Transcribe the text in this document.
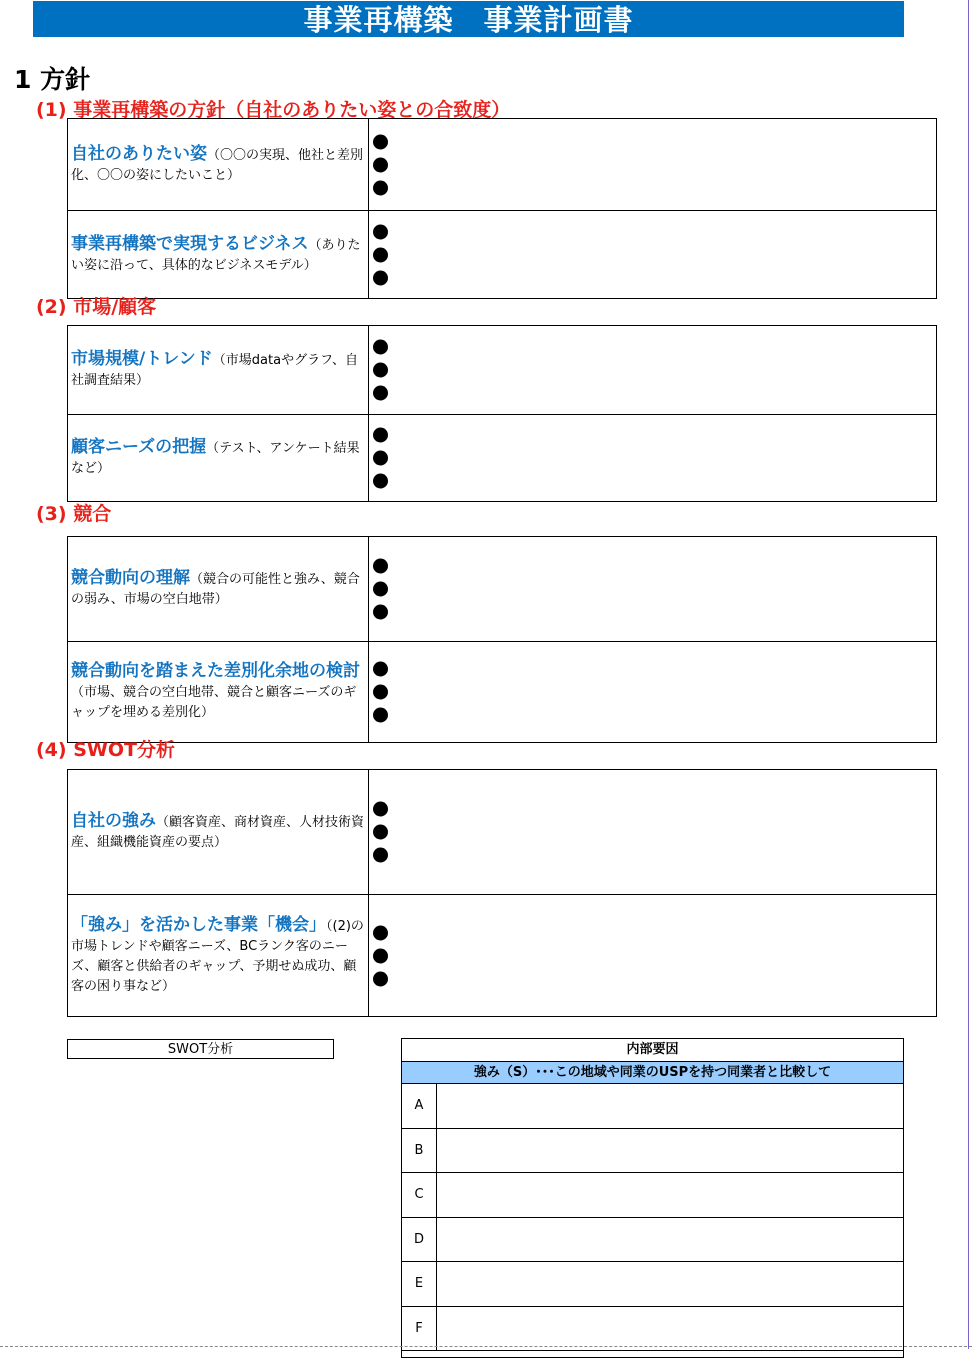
事業再構築　事業計画書
1 方針
(1) 事業再構築の方針（自社のありたい姿との合致度）
自社のありたい姿（〇〇の実現、他社と差別化、〇〇の姿にしたいこと）
事業再構築で実現するビジネス（ありたい姿に沿って、具体的なビジネスモデル）
(2) 市場/顧客
市場規模/トレンド（市場dataやグラフ、自社調査結果）
顧客ニーズの把握（テスト、アンケート結果など）
(3) 競合
競合動向の理解（競合の可能性と強み、競合の弱み、市場の空白地帯）
競合動向を踏まえた差別化余地の検討（市場、競合の空白地帯、競合と顧客ニーズのギャップを埋める差別化）
(4) SWOT分析
自社の強み（顧客資産、商材資産、人材技術資産、組織機能資産の要点）
「強み」を活かした事業「機会」（(2)の市場トレンドや顧客ニーズ、BCランク客のニーズ、顧客と供給者のギャップ、予期せぬ成功、顧客の困り事など）
SWOT分析	内部要因
強み（S）･･･この地域や同業のUSPを持つ同業者と比較して
A
B
C
D
E
F
